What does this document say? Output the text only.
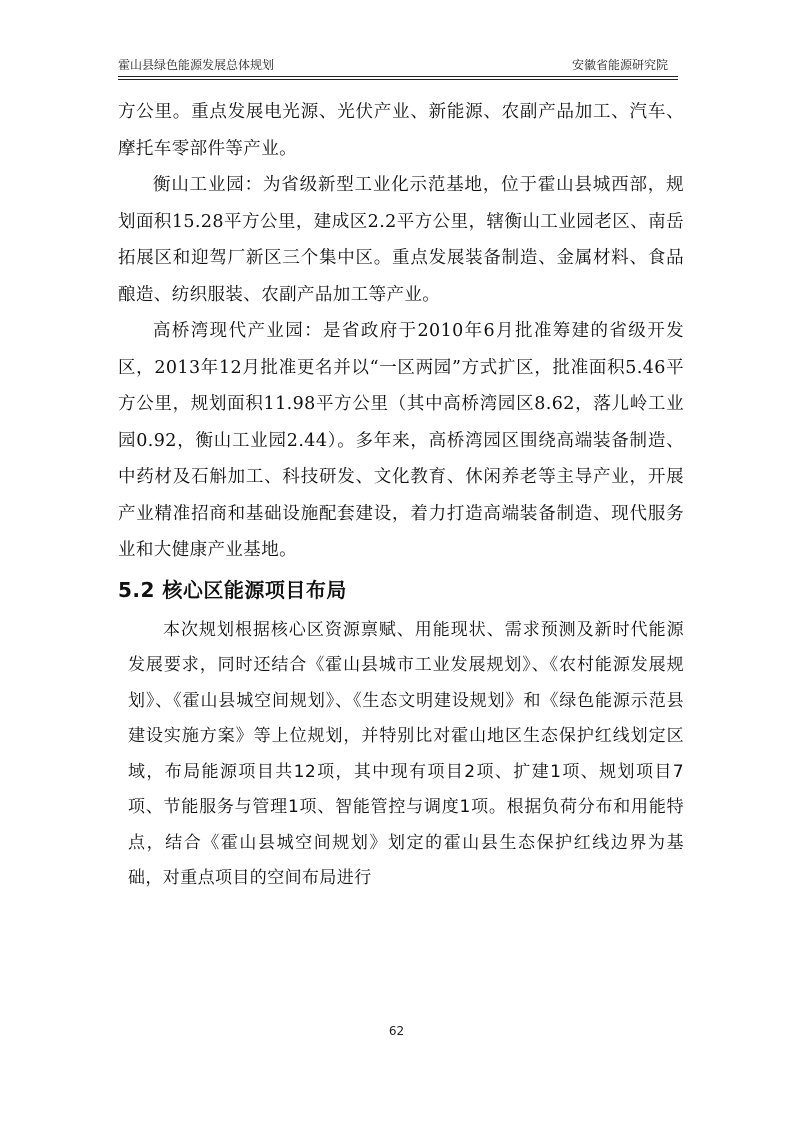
霍山县绿色能源发展总体规划	安徽省能源研究院

方公里。重点发展电光源、光伏产业、新能源、农副产品加工、汽车、摩托车零部件等产业。

衡山工业园：为省级新型工业化示范基地，位于霍山县城西部，规划面积15.28平方公里，建成区2.2平方公里，辖衡山工业园老区、南岳拓展区和迎驾厂新区三个集中区。重点发展装备制造、金属材料、食品酿造、纺织服装、农副产品加工等产业。

高桥湾现代产业园：是省政府于2010年6月批准筹建的省级开发区，2013年12月批准更名并以“一区两园”方式扩区，批准面积5.46平方公里，规划面积11.98平方公里（其中高桥湾园区8.62，落儿岭工业园0.92，衡山工业园2.44）。多年来，高桥湾园区围绕高端装备制造、中药材及石斛加工、科技研发、文化教育、休闲养老等主导产业，开展产业精准招商和基础设施配套建设，着力打造高端装备制造、现代服务业和大健康产业基地。

5.2 核心区能源项目布局

本次规划根据核心区资源禀赋、用能现状、需求预测及新时代能源发展要求，同时还结合《霍山县城市工业发展规划》、《农村能源发展规划》、《霍山县城空间规划》、《生态文明建设规划》和《绿色能源示范县建设实施方案》等上位规划，并特别比对霍山地区生态保护红线划定区域，布局能源项目共12项，其中现有项目2项、扩建1项、规划项目7项、节能服务与管理1项、智能管控与调度1项。根据负荷分布和用能特点，结合《霍山县城空间规划》划定的霍山县生态保护红线边界为基础，对重点项目的空间布局进行

62
